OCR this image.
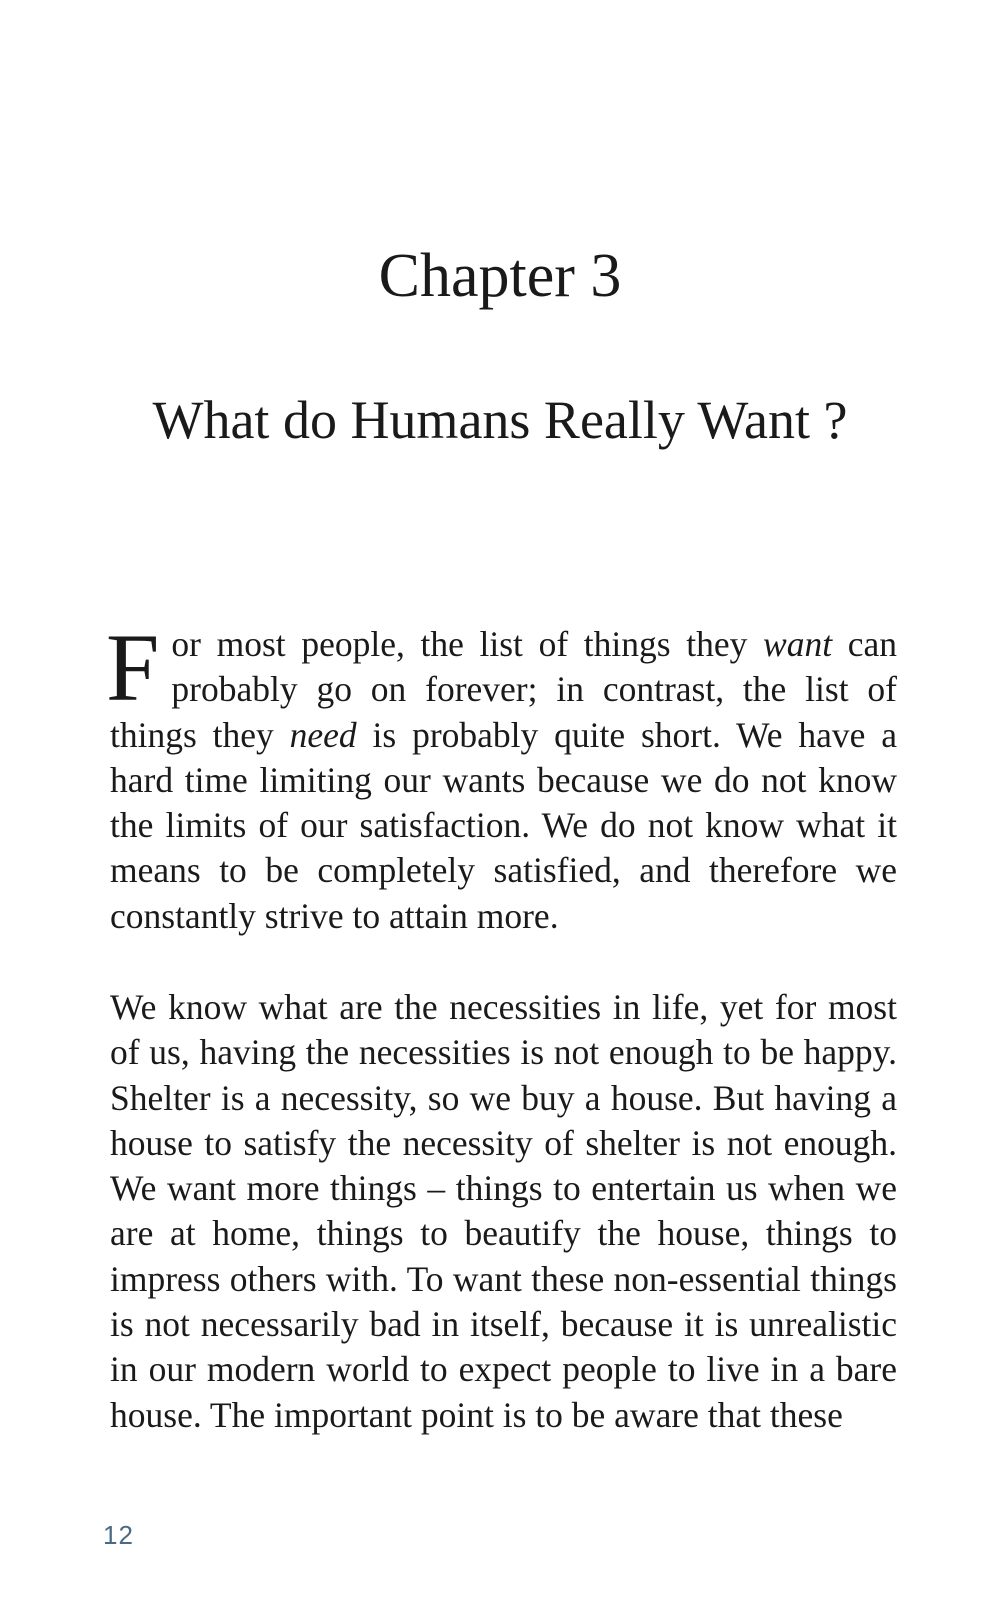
Chapter 3
What do Humans Really Want ?

For most people, the list of things they want can probably go on forever; in contrast, the list of things they need is probably quite short. We have a hard time limiting our wants because we do not know the limits of our satisfaction. We do not know what it means to be completely satisfied, and therefore we constantly strive to attain more.

We know what are the necessities in life, yet for most of us, having the necessities is not enough to be happy. Shelter is a necessity, so we buy a house. But having a house to satisfy the necessity of shelter is not enough. We want more things – things to entertain us when we are at home, things to beautify the house, things to impress others with. To want these non-essential things is not necessarily bad in itself, because it is unrealistic in our modern world to expect people to live in a bare house. The important point is to be aware that these

12
